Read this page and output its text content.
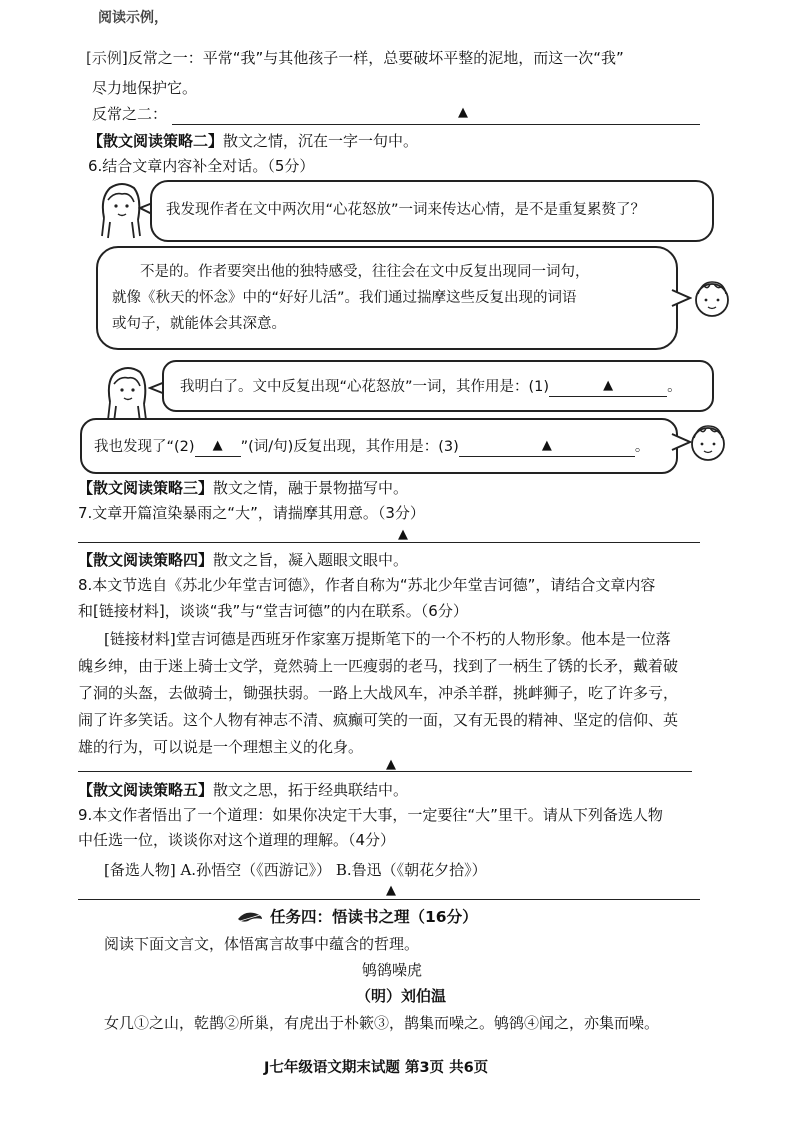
阅读示例，
[示例]反常之一：平常“我”与其他孩子一样，总要破坏平整的泥地，而这一次“我”
尽力地保护它。
反常之二：	▲
【散文阅读策略二】散文之情，沉在一字一句中。
6.结合文章内容补全对话。（5分）
我发现作者在文中两次用“心花怒放”一词来传达心情，是不是重复累赘了？
不是的。作者要突出他的独特感受，往往会在文中反复出现同一词句，
就像《秋天的怀念》中的“好好儿活”。我们通过揣摩这些反复出现的词语
或句子，就能体会其深意。
我明白了。文中反复出现“心花怒放”一词，其作用是：(1)	▲	。
我也发现了“(2) ▲ ”(词/句)反复出现，其作用是：(3)	▲	。
【散文阅读策略三】散文之情，融于景物描写中。
7.文章开篇渲染暴雨之“大”，请揣摩其用意。（3分）
▲
【散文阅读策略四】散文之旨，凝入题眼文眼中。
8.本文节选自《苏北少年堂吉诃德》，作者自称为“苏北少年堂吉诃德”，请结合文章内容
和[链接材料]，谈谈“我”与“堂吉诃德”的内在联系。（6分）
[链接材料]堂吉诃德是西班牙作家塞万提斯笔下的一个不朽的人物形象。他本是一位落
魄乡绅，由于迷上骑士文学，竟然骑上一匹瘦弱的老马，找到了一柄生了锈的长矛，戴着破
了洞的头盔，去做骑士，锄强扶弱。一路上大战风车，冲杀羊群，挑衅狮子，吃了许多亏，
闹了许多笑话。这个人物有神志不清、疯癫可笑的一面，又有无畏的精神、坚定的信仰、英
雄的行为，可以说是一个理想主义的化身。
▲
【散文阅读策略五】散文之思，拓于经典联结中。
9.本文作者悟出了一个道理：如果你决定干大事，一定要往“大”里干。请从下列备选人物
中任选一位，谈谈你对这个道理的理解。（4分）
[备选人物] A.孙悟空（《西游记》） B.鲁迅（《朝花夕拾》）
▲
任务四：悟读书之理（16分）
阅读下面文言文，体悟寓言故事中蕴含的哲理。
鸲鹆噪虎
（明）刘伯温
女几①之山，乾鹊②所巢，有虎出于朴簌③，鹊集而噪之。鸲鹆④闻之，亦集而噪。
J七年级语文期末试题 第3页 共6页
